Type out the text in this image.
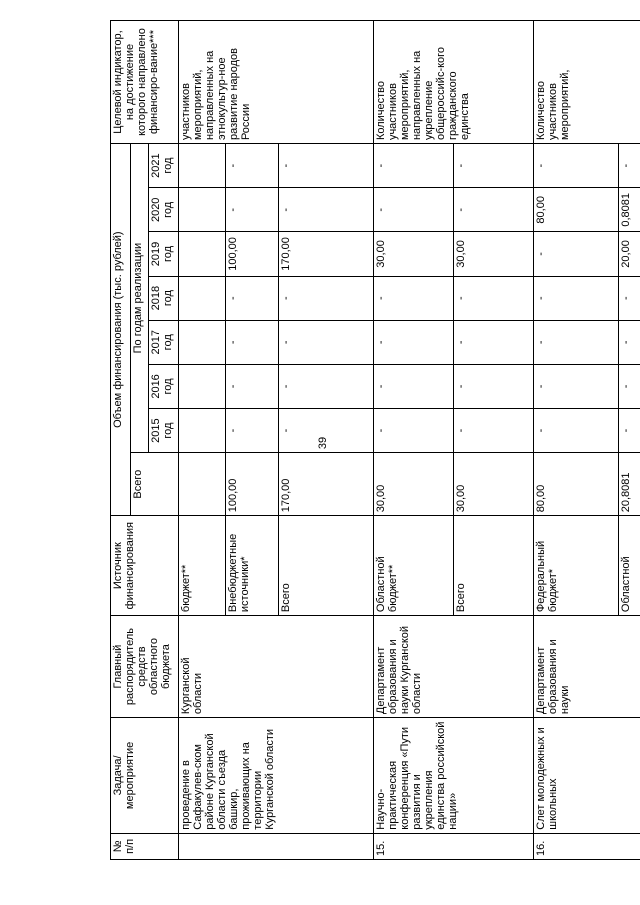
39
№ п/п	Задача/ мероприятие	Главный распорядитель средств областного бюджета	Источник финансирования	Объем финансирования (тыс. рублей)								Целевой индикатор, на достижение которого направлено финансиро-вание***
				Всего	По годам реализации							
					2015 год	2016 год	2017 год	2018 год	2019 год	2020 год	2021 год	
	проведение в Сафакулев-ском районе Курганской области съезда башкир, проживающих на территории Курганской области	Курганской области	бюджет**									участников мероприятий, направленных на этнокультур-ное развитие народов России
			Внебюджетные источники*	100,00	-	-	-	-	100,00	-	-	
			Всего	170,00	-	-	-	-	170,00	-	-	
15.	Научно-практическая конференция «Пути развития и укрепления единства российской нации»	Департамент образования и науки Курганской области	Областной бюджет**	30,00	-	-	-	-	30,00	-	-	Количество участников мероприятий, направленных на укрепление общероссийс-кого гражданского единства
			Всего	30,00	-	-	-	-	30,00	-	-	
16.	Слет молодежных и школьных	Департамент образования и науки	Федеральный бюджет*	80,00	-	-	-	-	-	80,00	-	Количество участников мероприятий,
			Областной	20,8081	-	-	-	-	20,00	0,8081	-	
